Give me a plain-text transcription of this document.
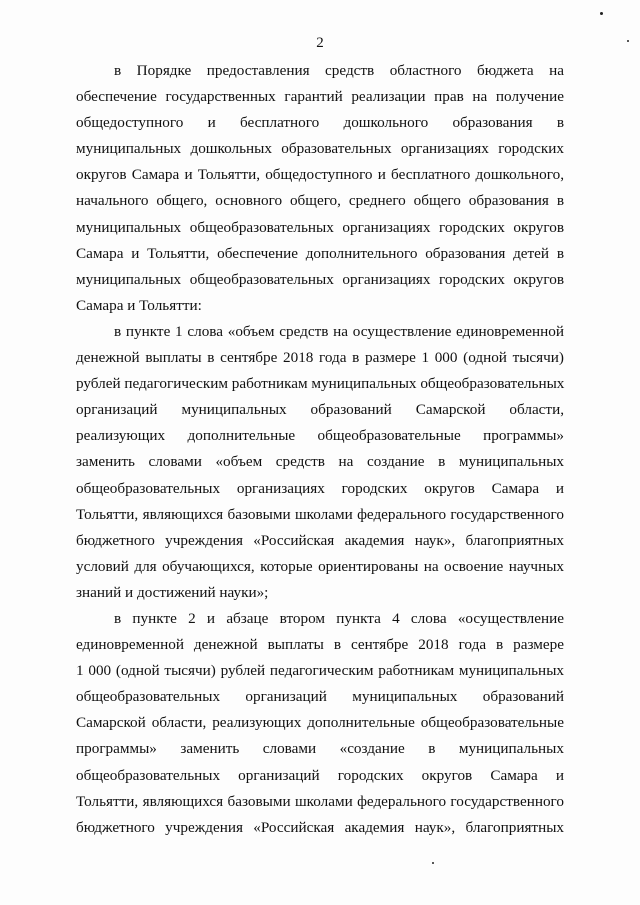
2
в Порядке предоставления средств областного бюджета на
обеспечение государственных гарантий реализации прав на получение
общедоступного и бесплатного дошкольного образования в
муниципальных дошкольных образовательных организациях городских
округов Самара и Тольятти, общедоступного и бесплатного дошкольного,
начального общего, основного общего, среднего общего образования в
муниципальных общеобразовательных организациях городских округов
Самара и Тольятти, обеспечение дополнительного образования детей в
муниципальных общеобразовательных организациях городских округов
Самара и Тольятти:
в пункте 1 слова «объем средств на осуществление единовременной
денежной выплаты в сентябре 2018 года в размере 1 000 (одной тысячи)
рублей педагогическим работникам муниципальных общеобразовательных
организаций муниципальных образований Самарской области,
реализующих дополнительные общеобразовательные программы»
заменить словами «объем средств на создание в муниципальных
общеобразовательных организациях городских округов Самара и
Тольятти, являющихся базовыми школами федерального государственного
бюджетного учреждения «Российская академия наук», благоприятных
условий для обучающихся, которые ориентированы на освоение научных
знаний и достижений науки»;
в пункте 2 и абзаце втором пункта 4 слова «осуществление
единовременной денежной выплаты в сентябре 2018 года в размере
1 000 (одной тысячи) рублей педагогическим работникам муниципальных
общеобразовательных организаций муниципальных образований
Самарской области, реализующих дополнительные общеобразовательные
программы» заменить словами «создание в муниципальных
общеобразовательных организаций городских округов Самара и
Тольятти, являющихся базовыми школами федерального государственного
бюджетного учреждения «Российская академия наук», благоприятных
